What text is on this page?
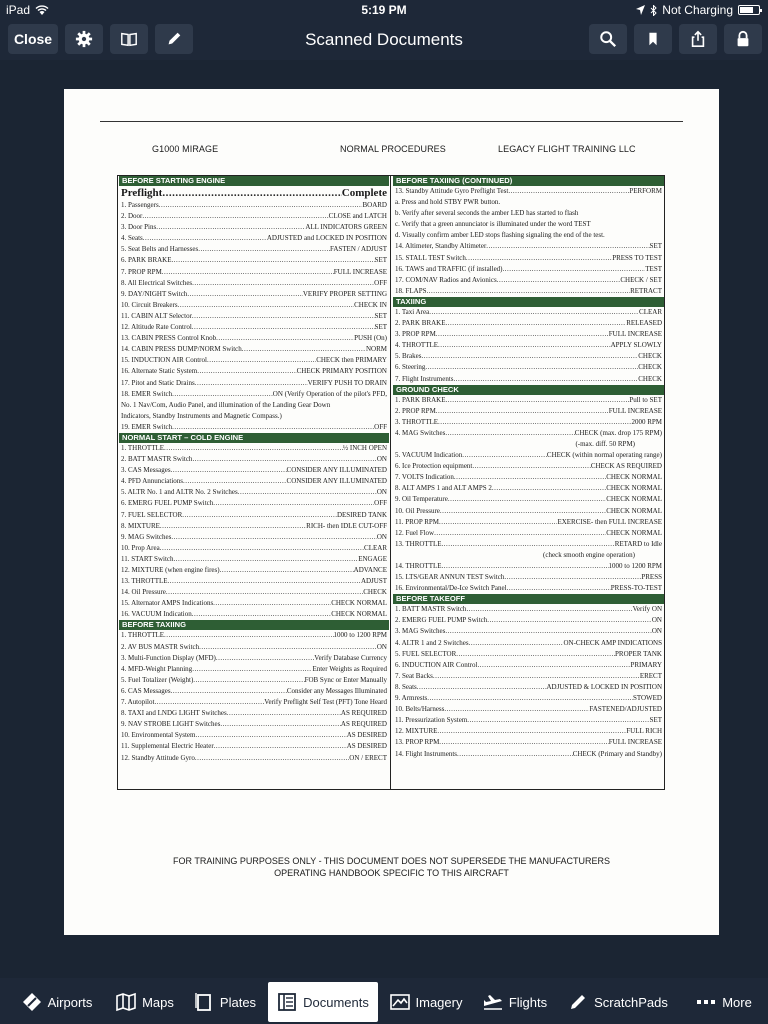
iPad	5:19 PM	Not Charging
Close	Scanned Documents
G1000 MIRAGE	NORMAL PROCEDURES	LEGACY FLIGHT TRAINING LLC
BEFORE STARTING ENGINE
Preflight .....	Complete
1. Passengers .....	BOARD
2. Door .....	CLOSE and LATCH
3. Door Pins .....	ALL INDICATORS GREEN
4. Seats .....	ADJUSTED and LOCKED IN POSITION
5. Seat Belts and Harnesses .....	FASTEN / ADJUST
6. PARK BRAKE .....	SET
7. PROP RPM .....	FULL INCREASE
8. All Electrical Switches .....	OFF
9. DAY/NIGHT Switch .....	VERIFY PROPER SETTING
10. Circuit Breakers .....	CHECK IN
11. CABIN ALT Selector .....	SET
12. Altitude Rate Control .....	SET
13. CABIN PRESS Control Knob .....	PUSH (On)
14. CABIN PRESS DUMP/NORM Switch .....	NORM
15. INDUCTION AIR Control .....	CHECK then PRIMARY
16. Alternate Static System .....	CHECK PRIMARY POSITION
17. Pitot and Static Drains .....	VERIFY PUSH TO DRAIN
18. EMER Switch .....	ON (Verify Operation of the pilot's PFD,
No. 1 Nav/Com, Audio Panel, and illumination of the Landing Gear Down
Indicators, Standby Instruments and Magnetic Compass.)
19. EMER Switch .....	OFF
NORMAL START – COLD ENGINE
1. THROTTLE .....	½ INCH OPEN
2. BATT MASTR Switch .....	ON
3. CAS Messages .....	CONSIDER ANY ILLUMINATED
4. PFD Annunciations .....	CONSIDER ANY ILLUMINATED
5. ALTR No. 1 and ALTR No. 2 Switches .....	ON
6. EMERG FUEL PUMP Switch .....	OFF
7. FUEL SELECTOR .....	DESIRED TANK
8. MIXTURE .....	RICH- then IDLE CUT-OFF
9. MAG Switches .....	ON
10. Prop Area .....	CLEAR
11. START Switch .....	ENGAGE
12. MIXTURE (when engine fires) .....	ADVANCE
13. THROTTLE .....	ADJUST
14. Oil Pressure .....	CHECK
15. Alternator AMPS Indications .....	CHECK NORMAL
16. VACUUM Indication .....	CHECK NORMAL
BEFORE TAXIING
1. THROTTLE .....	1000 to 1200 RPM
2. AV BUS MASTR Switch .....	ON
3. Multi-Function Display (MFD) .....	Verify Database Currency
4. MFD-Weight Planning .....	Enter Weights as Required
5. Fuel Totalizer (Weight) .....	FOB Sync or Enter Manually
6. CAS Messages .....	Consider any Messages Illuminated
7. Autopilot .....	Verify Preflight Self Test (PFT) Tone Heard
8. TAXI and LNDG LIGHT Switches .....	AS REQUIRED
9. NAV STROBE LIGHT Switches .....	AS REQUIRED
10. Environmental System .....	AS DESIRED
11. Supplemental Electric Heater .....	AS DESIRED
12. Standby Attitude Gyro .....	ON / ERECT
BEFORE TAXIING (CONTINUED)
13. Standby Attitude Gyro Preflight Test .....	PERFORM
a. Press and hold STBY PWR button.
b. Verify after several seconds the amber LED has started to flash
c. Verify that a green annunciator is illuminated under the word TEST
d. Visually confirm amber LED stops flashing signaling the end of the test.
14. Altimeter, Standby Altimeter .....	SET
15. STALL TEST Switch .....	PRESS TO TEST
16. TAWS and TRAFFIC (if installed) .....	TEST
17. COM/NAV Radios and Avionics .....	CHECK / SET
18. FLAPS .....	RETRACT
TAXIING
1. Taxi Area .....	CLEAR
2. PARK BRAKE .....	RELEASED
3. PROP RPM .....	FULL INCREASE
4. THROTTLE .....	APPLY SLOWLY
5. Brakes .....	CHECK
6. Steering .....	CHECK
7. Flight Instruments .....	CHECK
GROUND CHECK
1. PARK BRAKE .....	Pull to SET
2. PROP RPM .....	FULL INCREASE
3. THROTTLE .....	2000 RPM
4. MAG Switches .....	CHECK (max. drop 175 RPM)
(-max. diff. 50 RPM)
5. VACUUM Indication .....	CHECK (within normal operating range)
6. Ice Protection equipment .....	CHECK AS REQUIRED
7. VOLTS Indication .....	CHECK NORMAL
8. ALT AMPS 1 and ALT AMPS 2 .....	CHECK NORMAL
9. Oil Temperature .....	CHECK NORMAL
10. Oil Pressure .....	CHECK NORMAL
11. PROP RPM .....	EXERCISE- then FULL INCREASE
12. Fuel Flow .....	CHECK NORMAL
13. THROTTLE .....	RETARD to Idle
(check smooth engine operation)
14. THROTTLE .....	1000 to 1200 RPM
15. LTS/GEAR ANNUN TEST Switch .....	PRESS
16. Environmental/De-Ice Switch Panel .....	PRESS-TO-TEST
BEFORE TAKEOFF
1. BATT MASTR Switch .....	Verify ON
2. EMERG FUEL PUMP Switch .....	ON
3. MAG Switches .....	ON
4. ALTR 1 and 2 Switches .....	ON-CHECK AMP INDICATIONS
5. FUEL SELECTOR .....	PROPER TANK
6. INDUCTION AIR Control .....	PRIMARY
7. Seat Backs .....	ERECT
8. Seats .....	ADJUSTED & LOCKED IN POSITION
9. Armrests .....	STOWED
10. Belts/Harness .....	FASTENED/ADJUSTED
11. Pressurization System .....	SET
12. MIXTURE .....	FULL RICH
13. PROP RPM .....	FULL INCREASE
14. Flight Instruments .....	CHECK (Primary and Standby)
FOR TRAINING PURPOSES ONLY - THIS DOCUMENT DOES NOT SUPERSEDE THE MANUFACTURERS
OPERATING HANDBOOK SPECIFIC TO THIS AIRCRAFT
Airports	Maps	Plates	Documents	Imagery	Flights	ScratchPads	More
